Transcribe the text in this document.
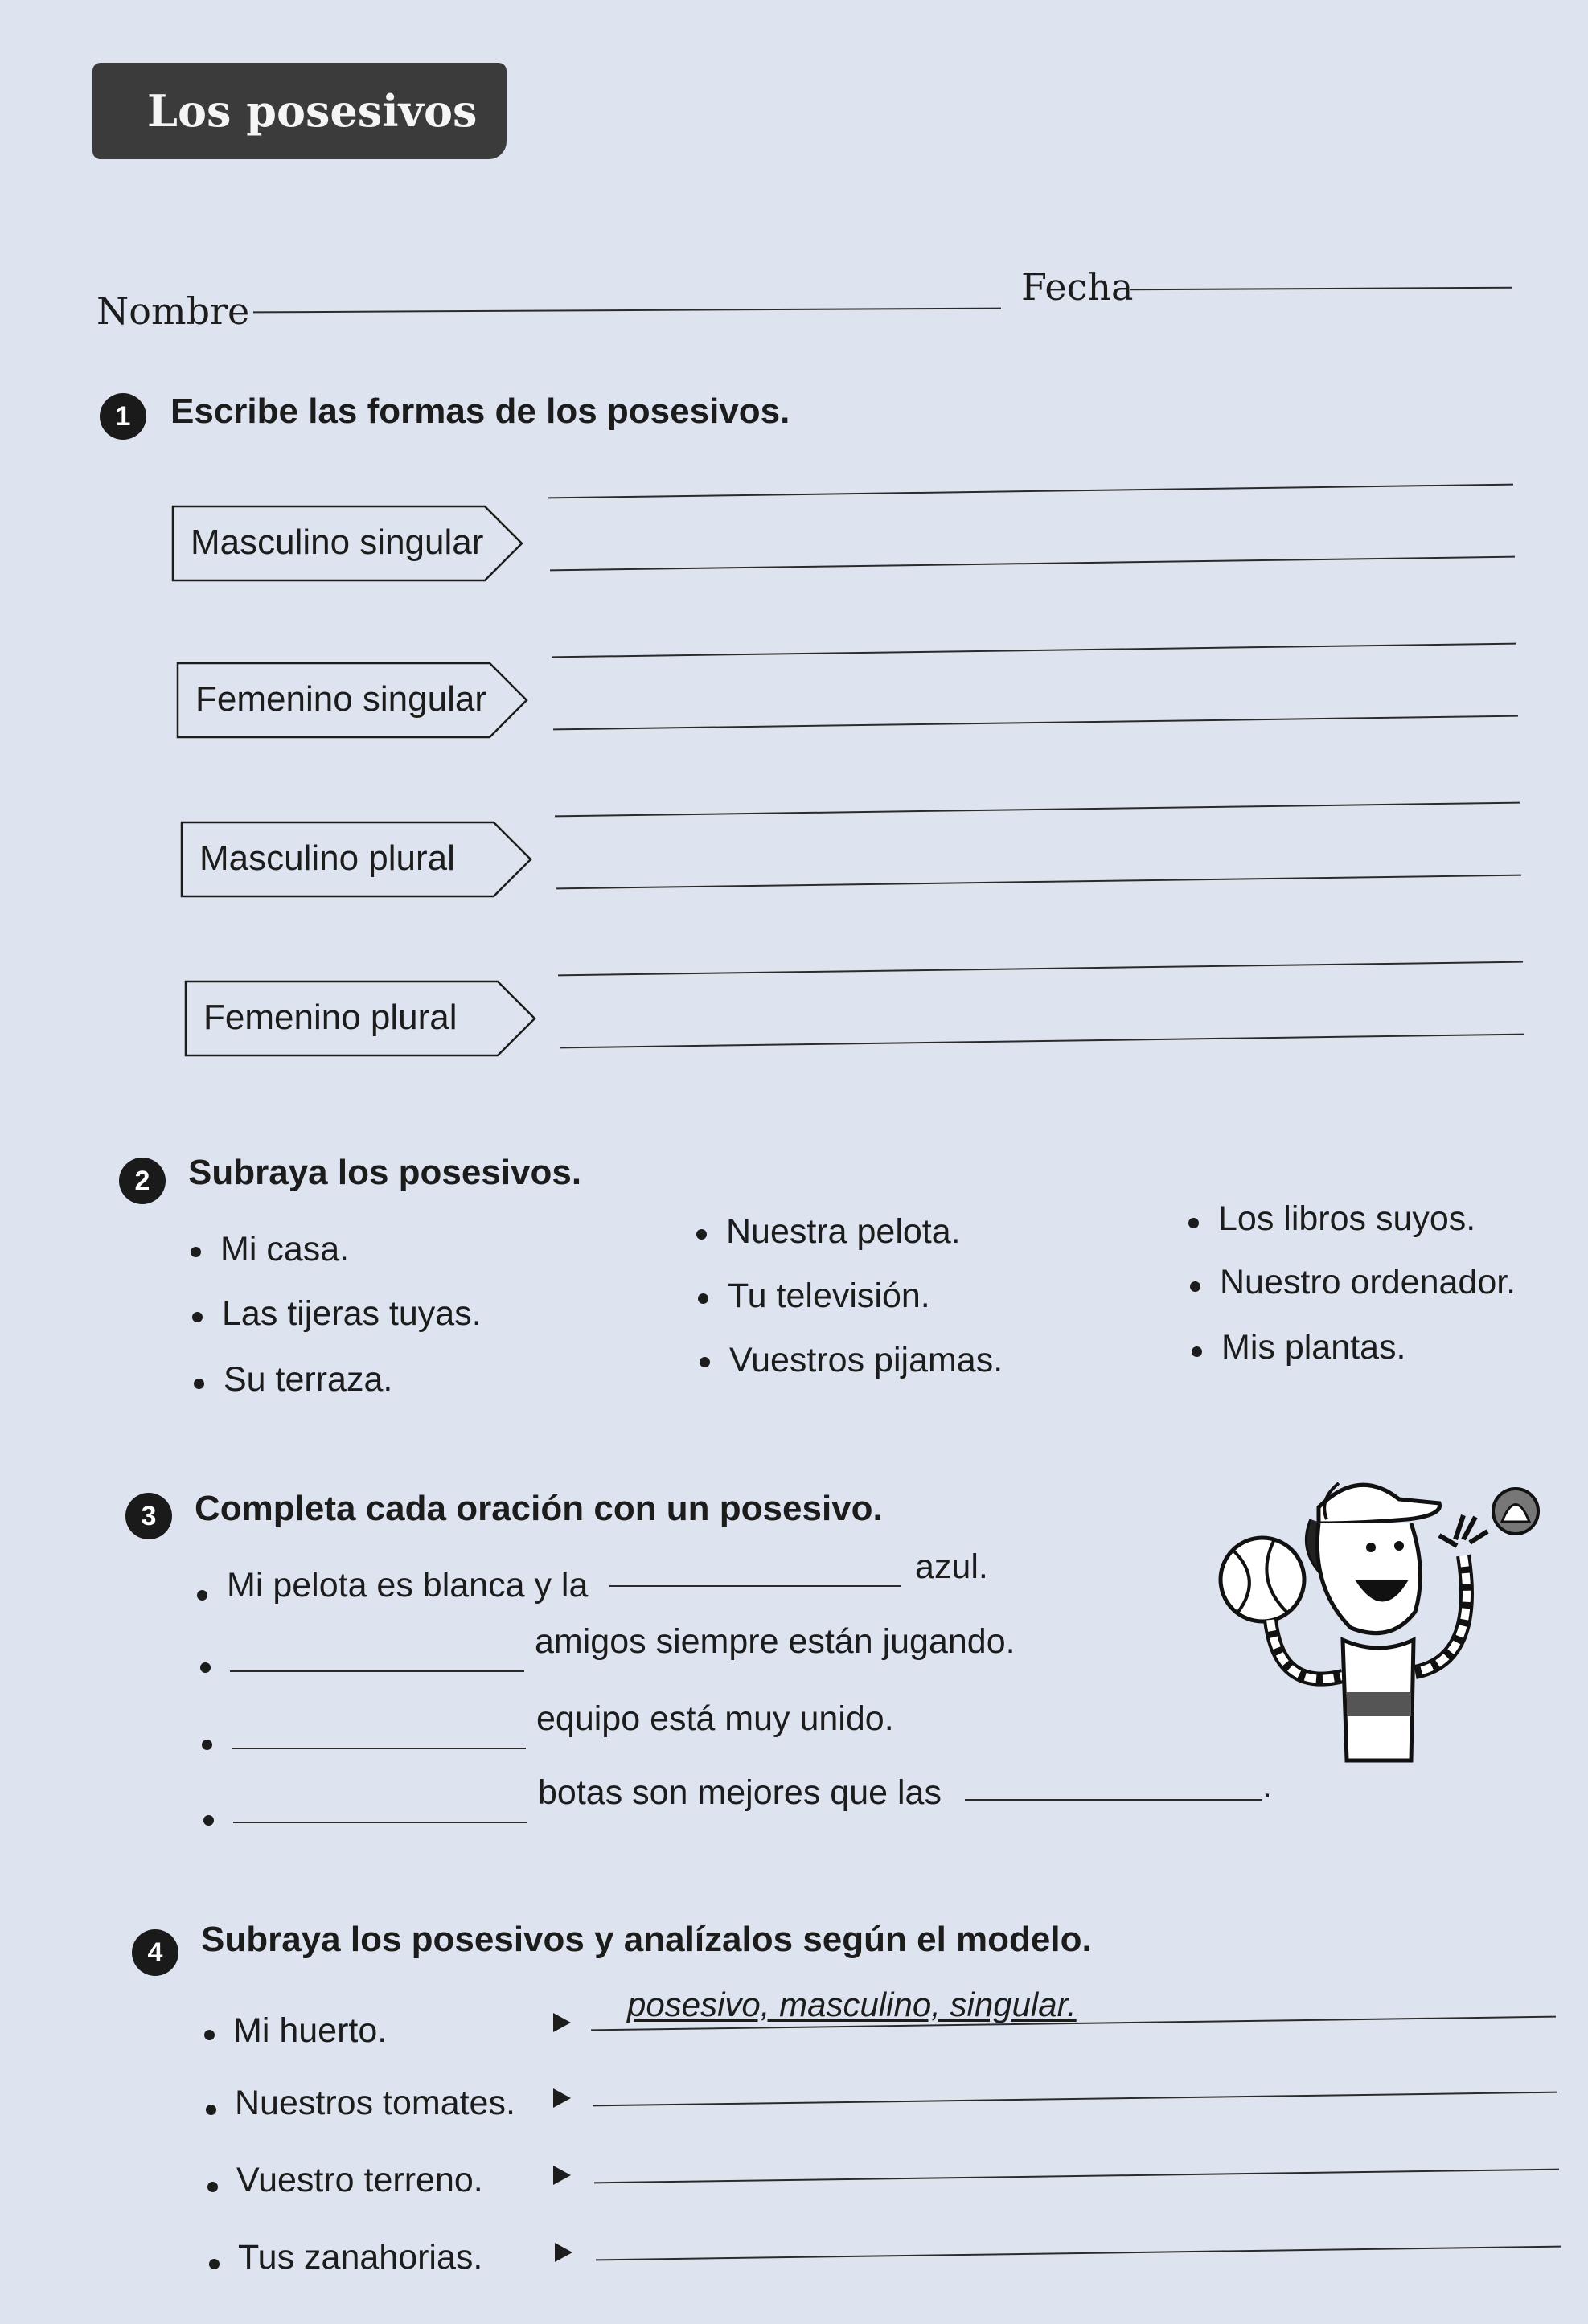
Los posesivos
Nombre
Fecha
1	Escribe las formas de los posesivos.
Masculino singular
Femenino singular
Masculino plural
Femenino plural
2	Subraya los posesivos.
Mi casa.
Las tijeras tuyas.
Su terraza.
Nuestra pelota.
Tu televisión.
Vuestros pijamas.
Los libros suyos.
Nuestro ordenador.
Mis plantas.
3	Completa cada oración con un posesivo.
Mi pelota es blanca y la	azul.
amigos siempre están jugando.
equipo está muy unido.
botas son mejores que las	.
4	Subraya los posesivos y analízalos según el modelo.
Mi huerto.
posesivo, masculino, singular.
Nuestros tomates.
Vuestro terreno.
Tus zanahorias.
